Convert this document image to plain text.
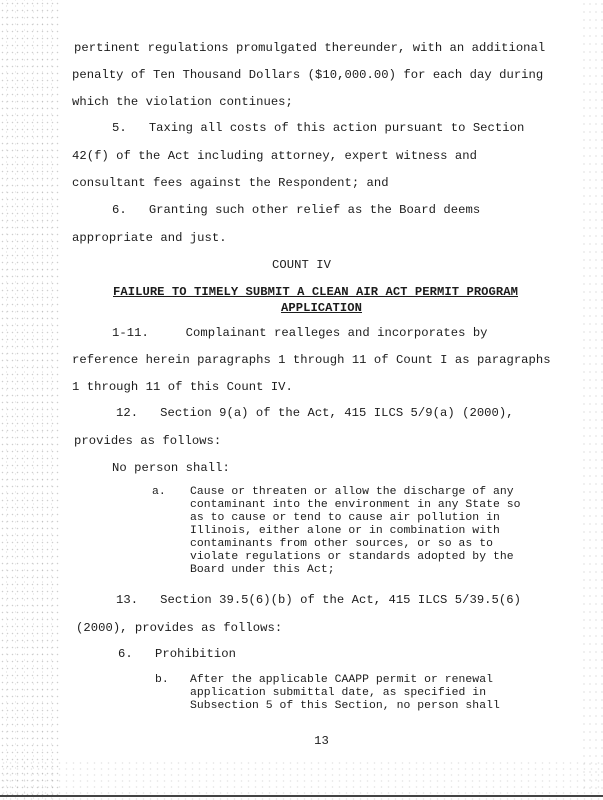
pertinent regulations promulgated thereunder, with an additional
penalty of Ten Thousand Dollars ($10,000.00) for each day during
which the violation continues;
5.   Taxing all costs of this action pursuant to Section
42(f) of the Act including attorney, expert witness and
consultant fees against the Respondent; and
6.   Granting such other relief as the Board deems
appropriate and just.
COUNT IV
FAILURE TO TIMELY SUBMIT A CLEAN AIR ACT PERMIT PROGRAM
APPLICATION
1-11.     Complainant realleges and incorporates by
reference herein paragraphs 1 through 11 of Count I as paragraphs
1 through 11 of this Count IV.
12.   Section 9(a) of the Act, 415 ILCS 5/9(a) (2000),
provides as follows:
No person shall:
a. Cause or threaten or allow the discharge of any
contaminant into the environment in any State so
as to cause or tend to cause air pollution in
Illinois, either alone or in combination with
contaminants from other sources, or so as to
violate regulations or standards adopted by the
Board under this Act;
13.   Section 39.5(6)(b) of the Act, 415 ILCS 5/39.5(6)
(2000), provides as follows:
6. Prohibition
b. After the applicable CAAPP permit or renewal
application submittal date, as specified in
Subsection 5 of this Section, no person shall
13
